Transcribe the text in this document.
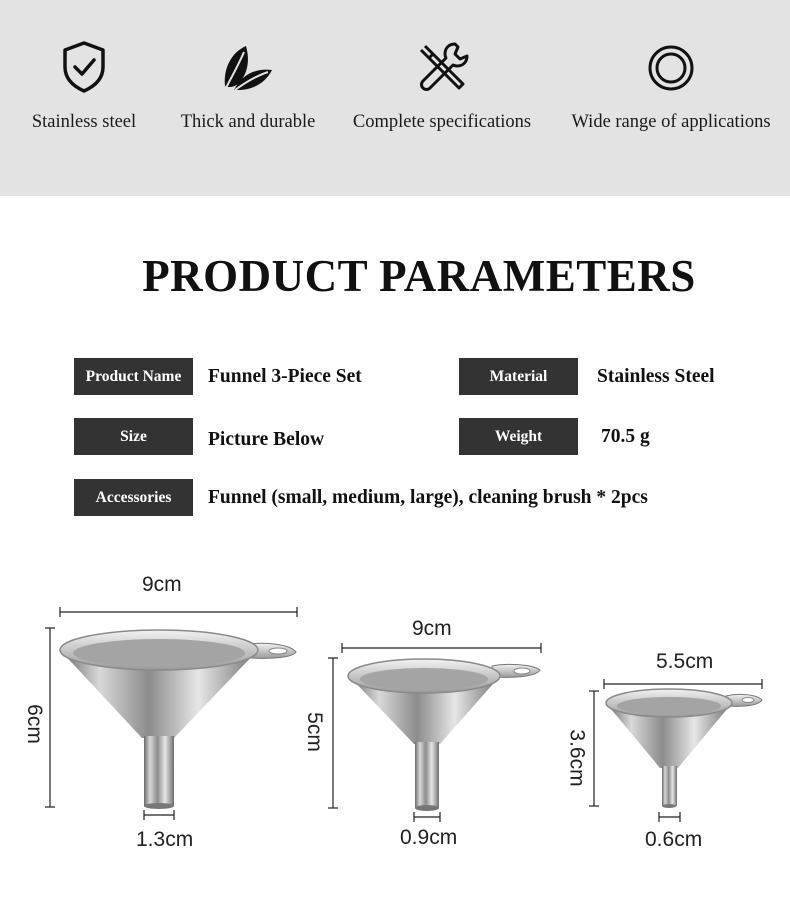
Stainless steel	Thick and durable	Complete specifications	Wide range of applications
PRODUCT PARAMETERS
Product Name	Funnel 3-Piece Set	Material	Stainless Steel
Size	Picture Below	Weight	70.5 g
Accessories	Funnel (small, medium, large), cleaning brush * 2pcs
9cm
6cm
1.3cm
9cm
5cm
0.9cm
5.5cm
3.6cm
0.6cm
